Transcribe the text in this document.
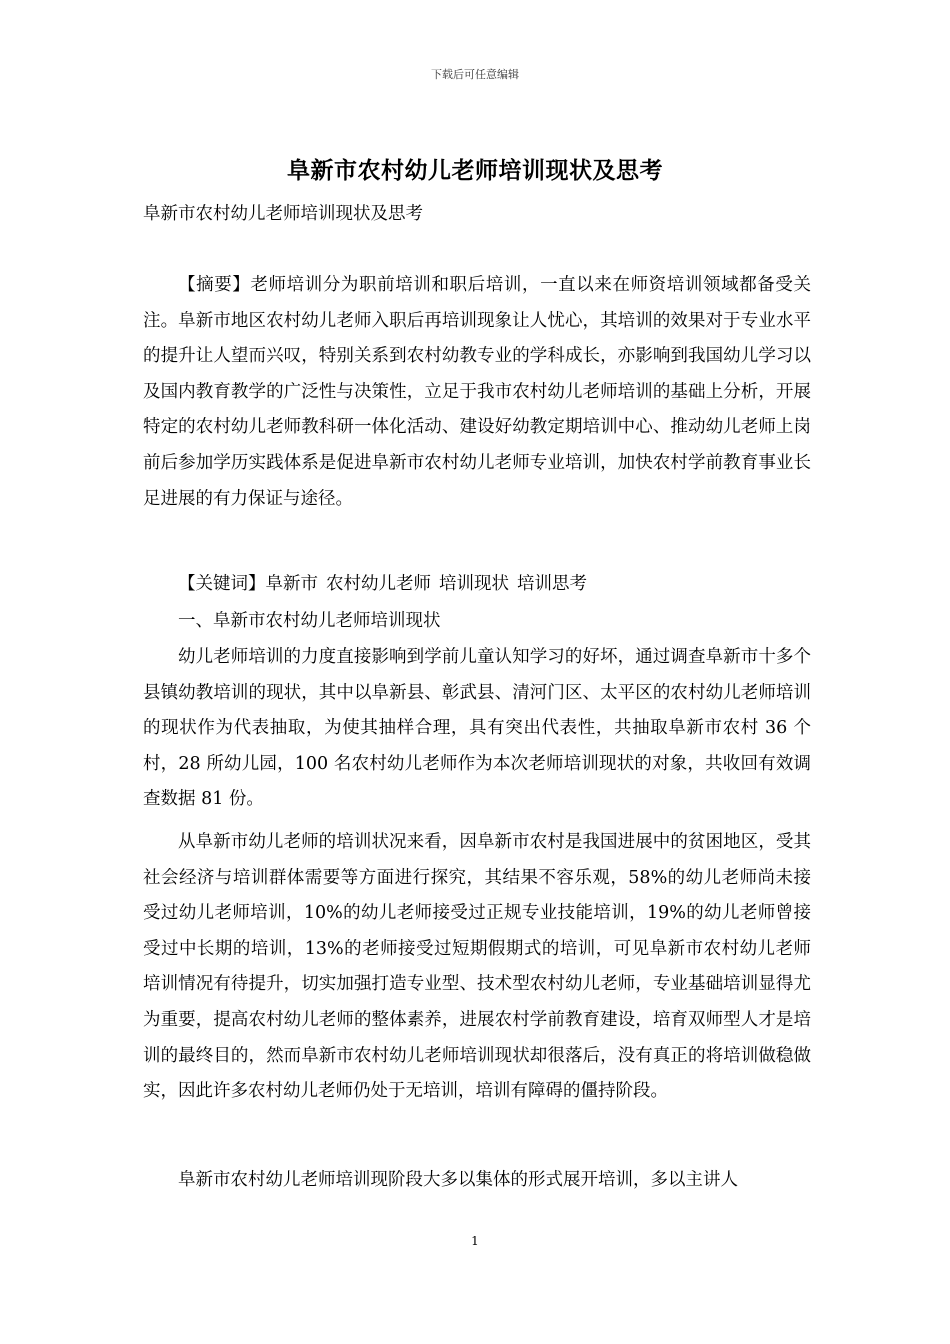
下载后可任意编辑
阜新市农村幼儿老师培训现状及思考
阜新市农村幼儿老师培训现状及思考
【摘要】老师培训分为职前培训和职后培训，一直以来在师资培训领域都备受关注。阜新市地区农村幼儿老师入职后再培训现象让人忧心，其培训的效果对于专业水平的提升让人望而兴叹，特别关系到农村幼教专业的学科成长，亦影响到我国幼儿学习以及国内教育教学的广泛性与决策性，立足于我市农村幼儿老师培训的基础上分析，开展特定的农村幼儿老师教科研一体化活动、建设好幼教定期培训中心、推动幼儿老师上岗前后参加学历实践体系是促进阜新市农村幼儿老师专业培训，加快农村学前教育事业长足进展的有力保证与途径。
【关键词】阜新市 农村幼儿老师 培训现状 培训思考
一、阜新市农村幼儿老师培训现状
幼儿老师培训的力度直接影响到学前儿童认知学习的好坏，通过调查阜新市十多个县镇幼教培训的现状，其中以阜新县、彰武县、清河门区、太平区的农村幼儿老师培训的现状作为代表抽取，为使其抽样合理，具有突出代表性，共抽取阜新市农村 36 个村，28 所幼儿园，100 名农村幼儿老师作为本次老师培训现状的对象，共收回有效调查数据 81 份。
从阜新市幼儿老师的培训状况来看，因阜新市农村是我国进展中的贫困地区，受其社会经济与培训群体需要等方面进行探究，其结果不容乐观，58%的幼儿老师尚未接受过幼儿老师培训，10%的幼儿老师接受过正规专业技能培训，19%的幼儿老师曾接受过中长期的培训，13%的老师接受过短期假期式的培训，可见阜新市农村幼儿老师培训情况有待提升，切实加强打造专业型、技术型农村幼儿老师，专业基础培训显得尤为重要，提高农村幼儿老师的整体素养，进展农村学前教育建设，培育双师型人才是培训的最终目的，然而阜新市农村幼儿老师培训现状却很落后，没有真正的将培训做稳做实，因此许多农村幼儿老师仍处于无培训，培训有障碍的僵持阶段。
阜新市农村幼儿老师培训现阶段大多以集体的形式展开培训，多以主讲人
1
